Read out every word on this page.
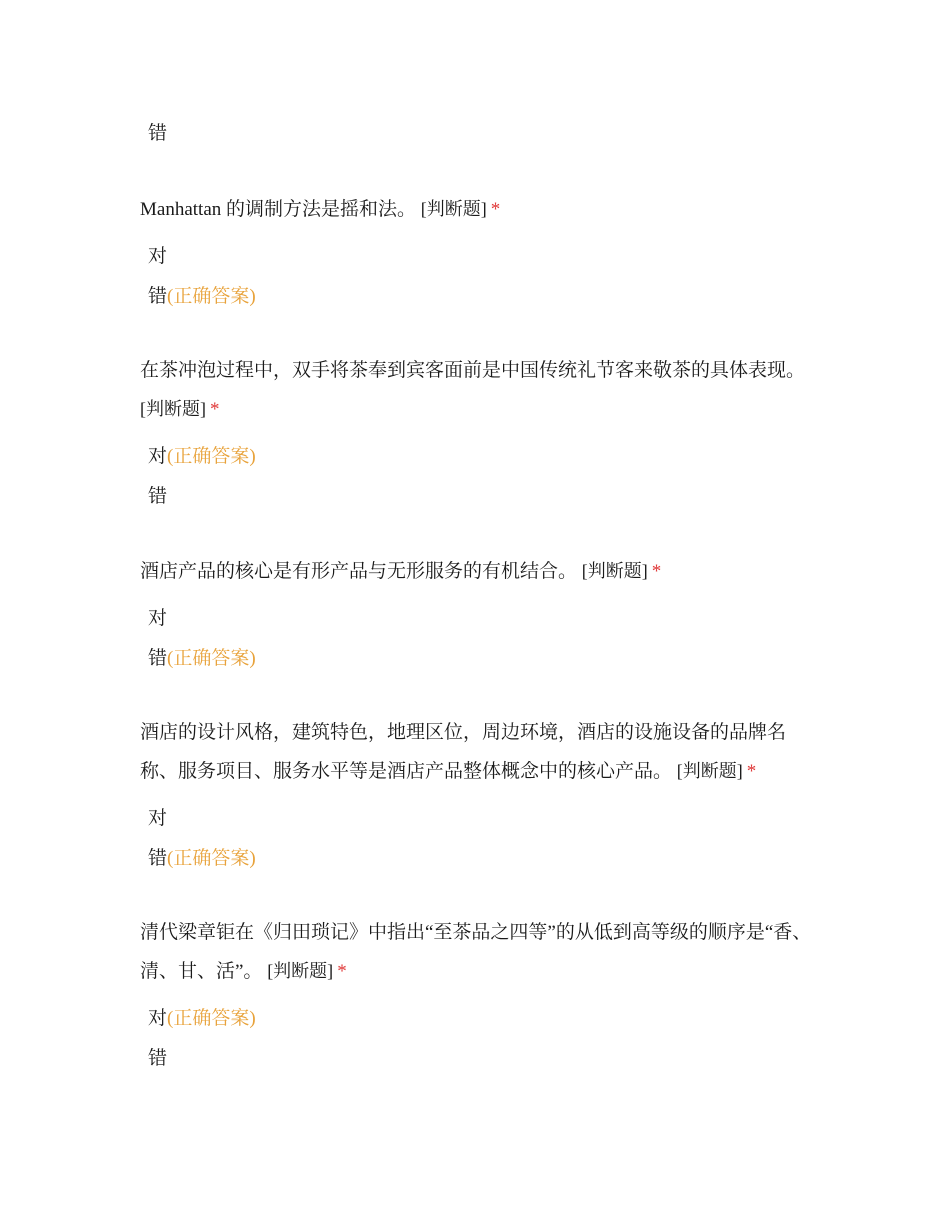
错

Manhattan 的调制方法是摇和法。 [判断题] *

对
错(正确答案)

在茶冲泡过程中，双手将茶奉到宾客面前是中国传统礼节客来敬茶的具体表现。 [判断题] *

对(正确答案)
错

酒店产品的核心是有形产品与无形服务的有机结合。 [判断题] *

对
错(正确答案)

酒店的设计风格，建筑特色，地理区位，周边环境，酒店的设施设备的品牌名称、服务项目、服务水平等是酒店产品整体概念中的核心产品。 [判断题] *

对
错(正确答案)

清代梁章钜在《归田琐记》中指出“至茶品之四等”的从低到高等级的顺序是“香、清、甘、活”。 [判断题] *

对(正确答案)
错
